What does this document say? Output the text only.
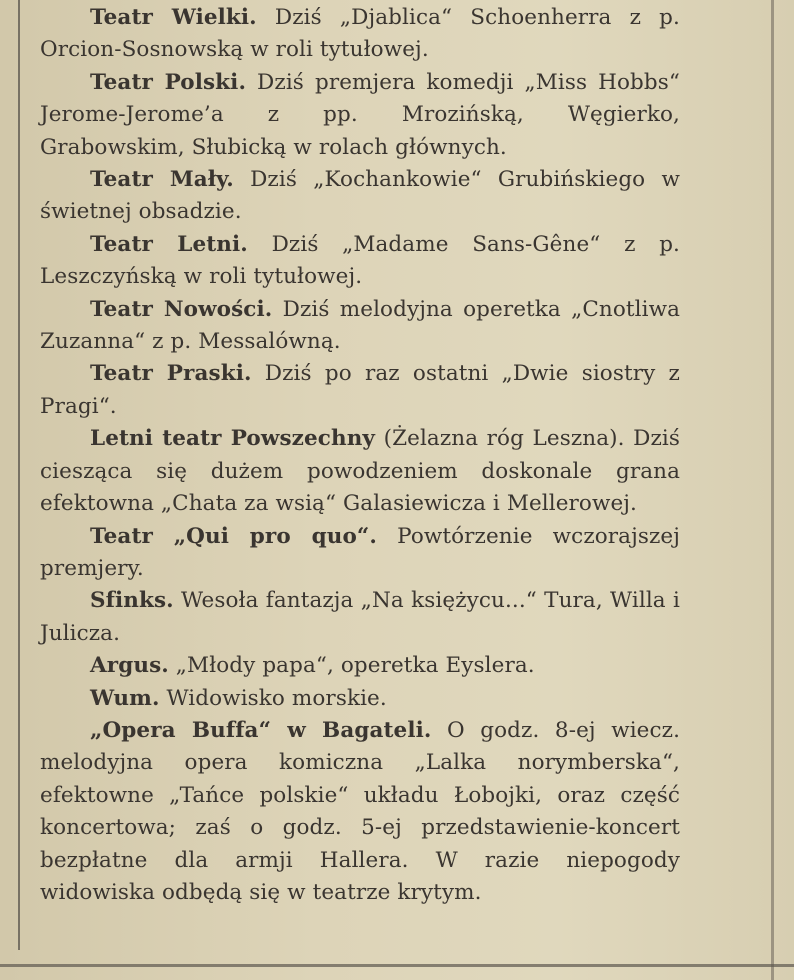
Teatr Wielki. Dziś „Djablica“ Schoenherra z p. Orcion-Sosnowską w roli tytułowej.

Teatr Polski. Dziś premjera komedji „Miss Hobbs“ Jerome-Jerome’a z pp. Mrozińską, Węgierko, Grabowskim, Słubicką w rolach głównych.

Teatr Mały. Dziś „Kochankowie“ Grubińskiego w świetnej obsadzie.

Teatr Letni. Dziś „Madame Sans-Gêne“ z p. Leszczyńską w roli tytułowej.

Teatr Nowości. Dziś melodyjna operetka „Cnotliwa Zuzanna“ z p. Messalówną.

Teatr Praski. Dziś po raz ostatni „Dwie siostry z Pragi“.

Letni teatr Powszechny (Żelazna róg Leszna). Dziś ciesząca się dużem powodzeniem doskonale grana efektowna „Chata za wsią“ Galasiewicza i Mellerowej.

Teatr „Qui pro quo“. Powtórzenie wczorajszej premjery.

Sfinks. Wesoła fantazja „Na księżycu...“ Tura, Willa i Julicza.

Argus. „Młody papa“, operetka Eyslera.

Wum. Widowisko morskie.

„Opera Buffa“ w Bagateli. O godz. 8-ej wiecz. melodyjna opera komiczna „Lalka norymberska“, efektowne „Tańce polskie“ układu Łobojki, oraz część koncertowa; zaś o godz. 5-ej przedstawienie-koncert bezpłatne dla armji Hallera. W razie niepogody widowiska odbędą się w teatrze krytym.
